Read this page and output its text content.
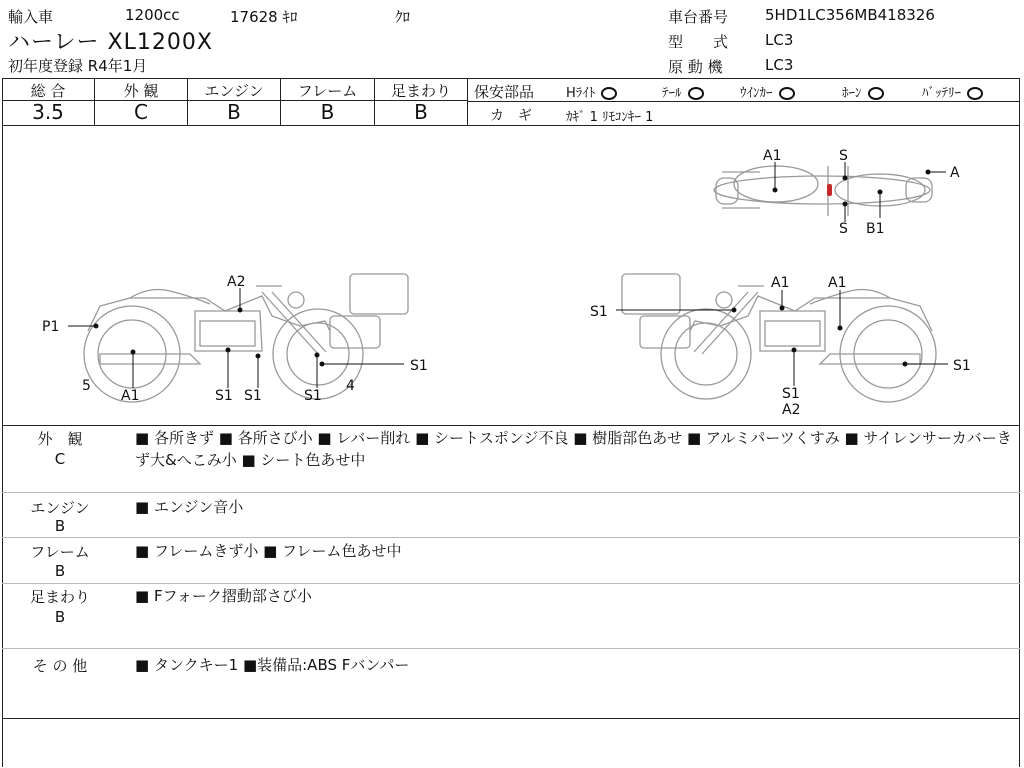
輸入車	1200cc	17628 ｷﾛ	ｸﾛ
ハーレー XL1200X
初年度登録 R4年1月
車台番号 5HD1LC356MB418326
型　　式 LC3
原 動 機	LC3
総 合	外 観	エンジン	フレーム	足まわり
3.5	C	B	B	B
保安部品 Hﾗｲﾄ	ﾃｰﾙ	ｳｲﾝｶｰ	ﾎｰﾝ	ﾊﾞｯﾃﾘｰ
カ　ギ	ｶｷﾞ 1 ﾘﾓｺﾝｷｰ 1
A1	S
A
S B1
A2
P1
5
A1	S1 S1	S1
4
S1
S1
A1	A1
S1
S1
A2
外　観
C
■ 各所きず ■ 各所さび小 ■ レバー削れ ■ シートスポンジ不良 ■ 樹脂部色あせ ■ アルミパーツくすみ ■ サイレンサーカバーきず大&へこみ小 ■ シート色あせ中
エンジン
B
■ エンジン音小
フレーム
B
■ フレームきず小 ■ フレーム色あせ中
足まわり
B
■ Fフォーク摺動部さび小
そ の 他	■ タンクキー1 ■装備品:ABS Fバンパー
